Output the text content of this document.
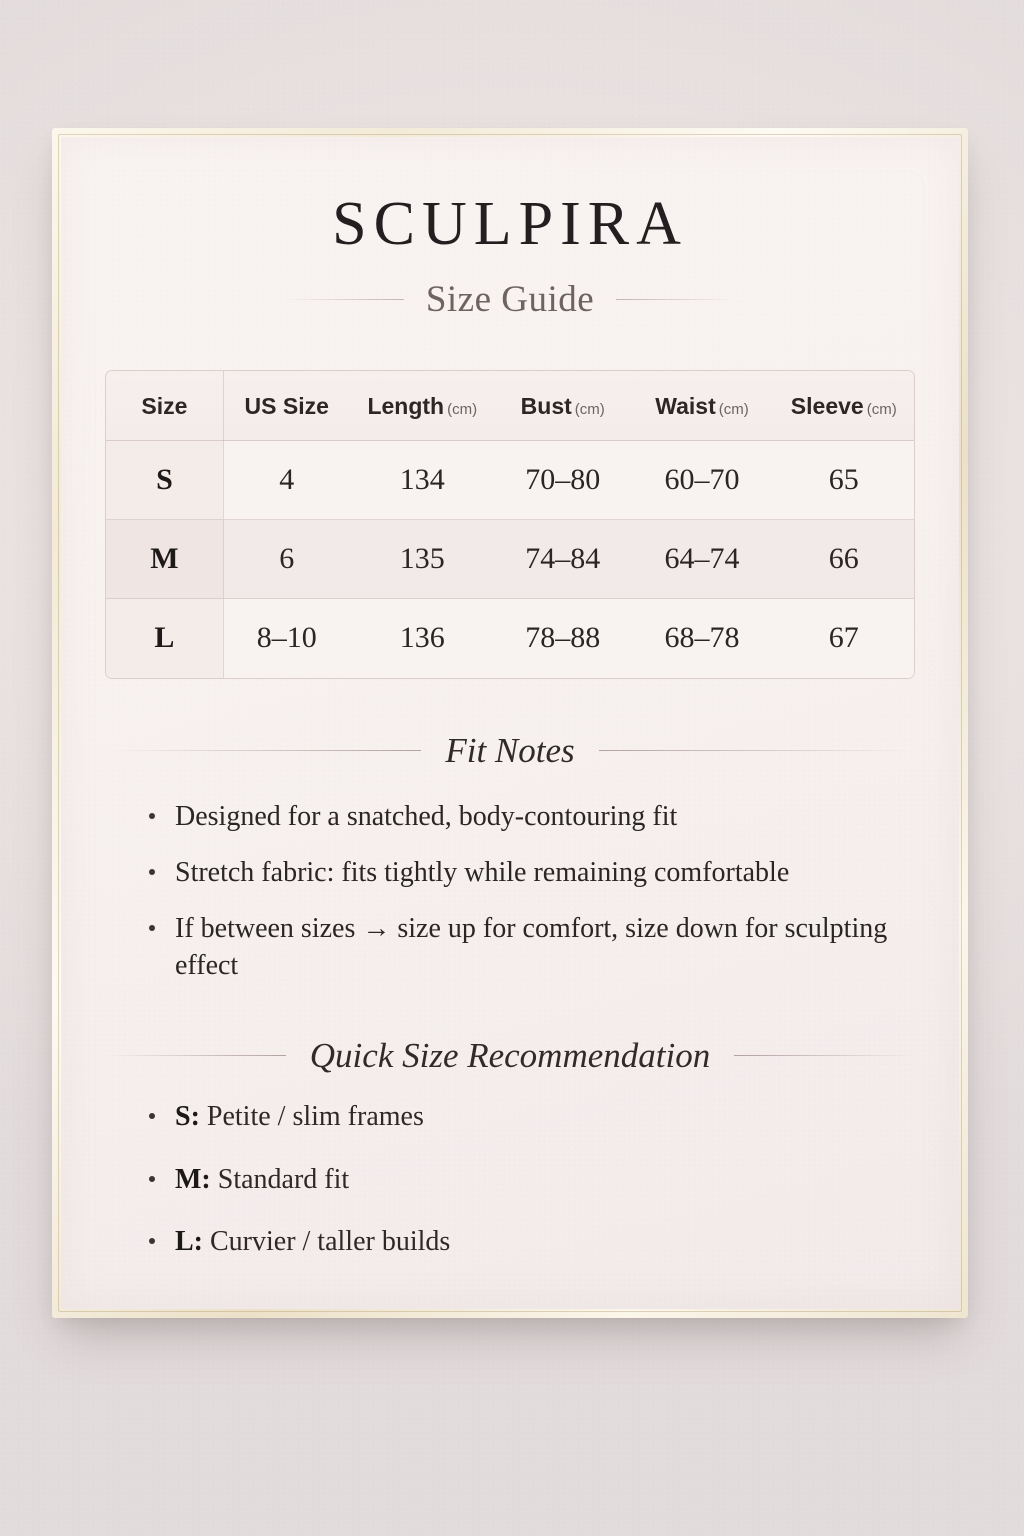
SCULPIRA
Size Guide
Size	US Size	Length (cm)	Bust (cm)	Waist (cm)	Sleeve (cm)
S	4	134	70–80	60–70	65
M	6	135	74–84	64–74	66
L	8–10	136	78–88	68–78	67
Fit Notes
Designed for a snatched, body-contouring fit
Stretch fabric: fits tightly while remaining comfortable
If between sizes → size up for comfort, size down for sculpting effect
Quick Size Recommendation
S: Petite / slim frames
M: Standard fit
L: Curvier / taller builds
